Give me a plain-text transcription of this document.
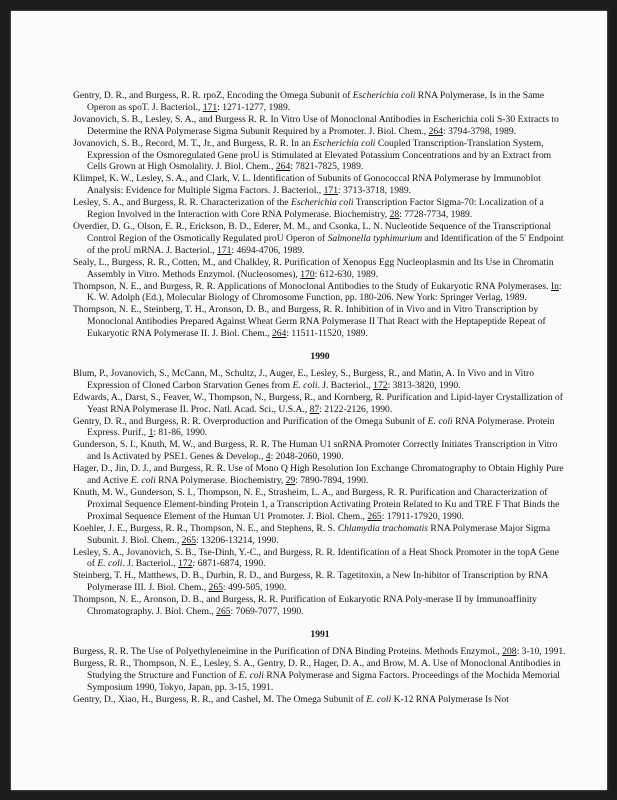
Gentry, D. R., and Burgess, R. R. rpoZ, Encoding the Omega Subunit of Escherichia coli RNA Polymerase, Is in the Same Operon as spoT. J. Bacteriol., 171: 1271-1277, 1989.

Jovanovich, S. B., Lesley, S. A., and Burgess R. R. In Vitro Use of Monoclonal Antibodies in Escherichia coli S-30 Extracts to Determine the RNA Polymerase Sigma Subunit Required by a Promoter. J. Biol. Chem., 264: 3794-3798, 1989.

Jovanovich, S. B., Record, M. T., Jr., and Burgess, R. R. In an Escherichia coli Coupled Transcription-Translation System, Expression of the Osmoregulated Gene proU is Stimulated at Elevated Potassium Concentrations and by an Extract from Cells Grown at High Osmolality. J. Biol. Chem., 264: 7821-7825, 1989.

Klimpel, K. W., Lesley, S. A., and Clark, V. L. Identification of Subunits of Gonococcal RNA Polymerase by Immunoblot Analysis: Evidence for Multiple Sigma Factors. J. Bacteriol., 171: 3713-3718, 1989.

Lesley, S. A., and Burgess, R. R. Characterization of the Escherichia coli Transcription Factor Sigma-70: Localization of a Region Involved in the Interaction with Core RNA Polymerase. Biochemistry, 28: 7728-7734, 1989.

Overdier, D. G., Olson, E. R., Erickson, B. D., Ederer, M. M., and Csonka, L. N. Nucleotide Sequence of the Transcriptional Control Region of the Osmotically Regulated proU Operon of Salmonella typhimurium and Identification of the 5' Endpoint of the proU mRNA. J. Bacteriol., 171: 4694-4706, 1989.

Sealy, L., Burgess, R. R., Cotten, M., and Chalkley, R. Purification of Xenopus Egg Nucleoplasmin and Its Use in Chromatin Assembly in Vitro. Methods Enzymol. (Nucleosomes), 170: 612-630, 1989.

Thompson, N. E., and Burgess, R. R. Applications of Monoclonal Antibodies to the Study of Eukaryotic RNA Polymerases. In: K. W. Adolph (Ed.), Molecular Biology of Chromosome Function, pp. 180-206. New York: Springer Verlag, 1989.

Thompson, N. E., Steinberg, T. H., Aronson, D. B., and Burgess, R. R. Inhibition of in Vivo and in Vitro Transcription by Monoclonal Antibodies Prepared Against Wheat Germ RNA Polymerase II That React with the Heptapeptide Repeat of Eukaryotic RNA Polymerase II. J. Biol. Chem., 264: 11511-11520, 1989.

1990

Blum, P., Jovanovich, S., McCann, M., Schultz, J., Auger, E., Lesley, S., Burgess, R., and Matin, A. In Vivo and in Vitro Expression of Cloned Carbon Starvation Genes from E. coli. J. Bacteriol., 172: 3813-3820, 1990.

Edwards, A., Darst, S., Feaver, W., Thompson, N., Burgess, R., and Kornberg, R. Purification and Lipid-layer Crystallization of Yeast RNA Polymerase II. Proc. Natl. Acad. Sci., U.S.A., 87: 2122-2126, 1990.

Gentry, D. R., and Burgess, R. R. Overproduction and Purification of the Omega Subunit of E. coli RNA Polymerase. Protein Express. Purif., 1: 81-86, 1990.

Gunderson, S. I., Knuth, M. W., and Burgess, R. R. The Human U1 snRNA Promoter Correctly Initiates Transcription in Vitro and Is Activated by PSE1. Genes & Develop., 4: 2048-2060, 1990.

Hager, D., Jin, D. J., and Burgess, R. R. Use of Mono Q High Resolution Ion Exchange Chromatography to Obtain Highly Pure and Active E. coli RNA Polymerase. Biochemistry, 29: 7890-7894, 1990.

Knuth, M. W., Gunderson, S. I., Thompson, N. E., Strasheim, L. A., and Burgess, R. R. Purification and Characterization of Proximal Sequence Element-binding Protein 1, a Transcription Activating Protein Related to Ku and TRE F That Binds the Proximal Sequence Element of the Human U1 Promoter. J. Biol. Chem., 265: 17911-17920, 1990.

Koehler, J. E., Burgess, R. R., Thompson, N. E., and Stephens, R. S. Chlamydia trachomatis RNA Polymerase Major Sigma Subunit. J. Biol. Chem., 265: 13206-13214, 1990.

Lesley, S. A., Jovanovich, S. B., Tse-Dinh, Y.-C., and Burgess, R. R. Identification of a Heat Shock Promoter in the topA Gene of E. coli. J. Bacteriol., 172: 6871-6874, 1990.

Steinberg, T. H., Matthews, D. B., Durbin, R. D., and Burgess, R. R. Tagetitoxin, a New In-hibitor of Transcription by RNA Polymerase III. J. Biol. Chem., 265: 499-505, 1990.

Thompson, N. E., Aronson, D. B., and Burgess, R. R. Purification of Eukaryotic RNA Poly-merase II by Immunoaffinity Chromatography. J. Biol. Chem., 265: 7069-7077, 1990.

1991

Burgess, R. R. The Use of Polyethyleneimine in the Purification of DNA Binding Proteins. Methods Enzymol., 208: 3-10, 1991.

Burgess, R. R., Thompson, N. E., Lesley, S. A., Gentry, D. R., Hager, D. A., and Brow, M. A. Use of Monoclonal Antibodies in Studying the Structure and Function of E. coli RNA Polymerase and Sigma Factors. Proceedings of the Mochida Memorial Symposium 1990, Tokyo, Japan, pp. 3-15, 1991.

Gentry, D., Xiao, H., Burgess, R. R., and Cashel, M. The Omega Subunit of E. coli K-12 RNA Polymerase Is Not
